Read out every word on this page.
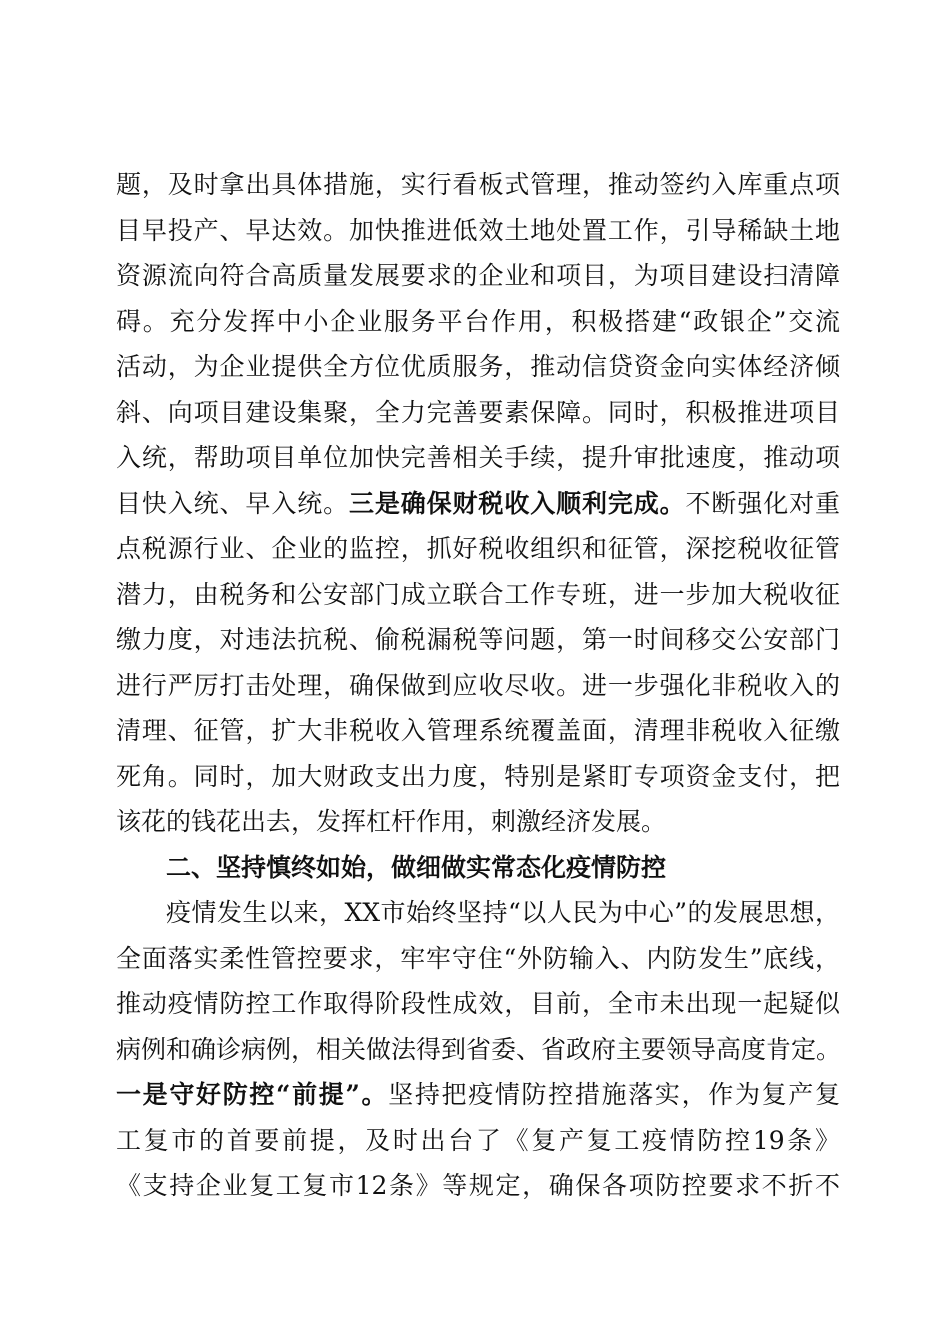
题，及时拿出具体措施，实行看板式管理，推动签约入库重点项
目早投产、早达效。加快推进低效土地处置工作，引导稀缺土地
资源流向符合高质量发展要求的企业和项目，为项目建设扫清障
碍。充分发挥中小企业服务平台作用，积极搭建“政银企”交流
活动，为企业提供全方位优质服务，推动信贷资金向实体经济倾
斜、向项目建设集聚，全力完善要素保障。同时，积极推进项目
入统，帮助项目单位加快完善相关手续，提升审批速度，推动项
目快入统、早入统。三是确保财税收入顺利完成。不断强化对重
点税源行业、企业的监控，抓好税收组织和征管，深挖税收征管
潜力，由税务和公安部门成立联合工作专班，进一步加大税收征
缴力度，对违法抗税、偷税漏税等问题，第一时间移交公安部门
进行严厉打击处理，确保做到应收尽收。进一步强化非税收入的
清理、征管，扩大非税收入管理系统覆盖面，清理非税收入征缴
死角。同时，加大财政支出力度，特别是紧盯专项资金支付，把
该花的钱花出去，发挥杠杆作用，刺激经济发展。
二、坚持慎终如始，做细做实常态化疫情防控
疫情发生以来，XX市始终坚持“以人民为中心”的发展思想，
全面落实柔性管控要求，牢牢守住“外防输入、内防发生”底线，
推动疫情防控工作取得阶段性成效，目前，全市未出现一起疑似
病例和确诊病例，相关做法得到省委、省政府主要领导高度肯定。
一是守好防控“前提”。坚持把疫情防控措施落实，作为复产复
工复市的首要前提，及时出台了《复产复工疫情防控19条》
《支持企业复工复市12条》等规定，确保各项防控要求不折不
